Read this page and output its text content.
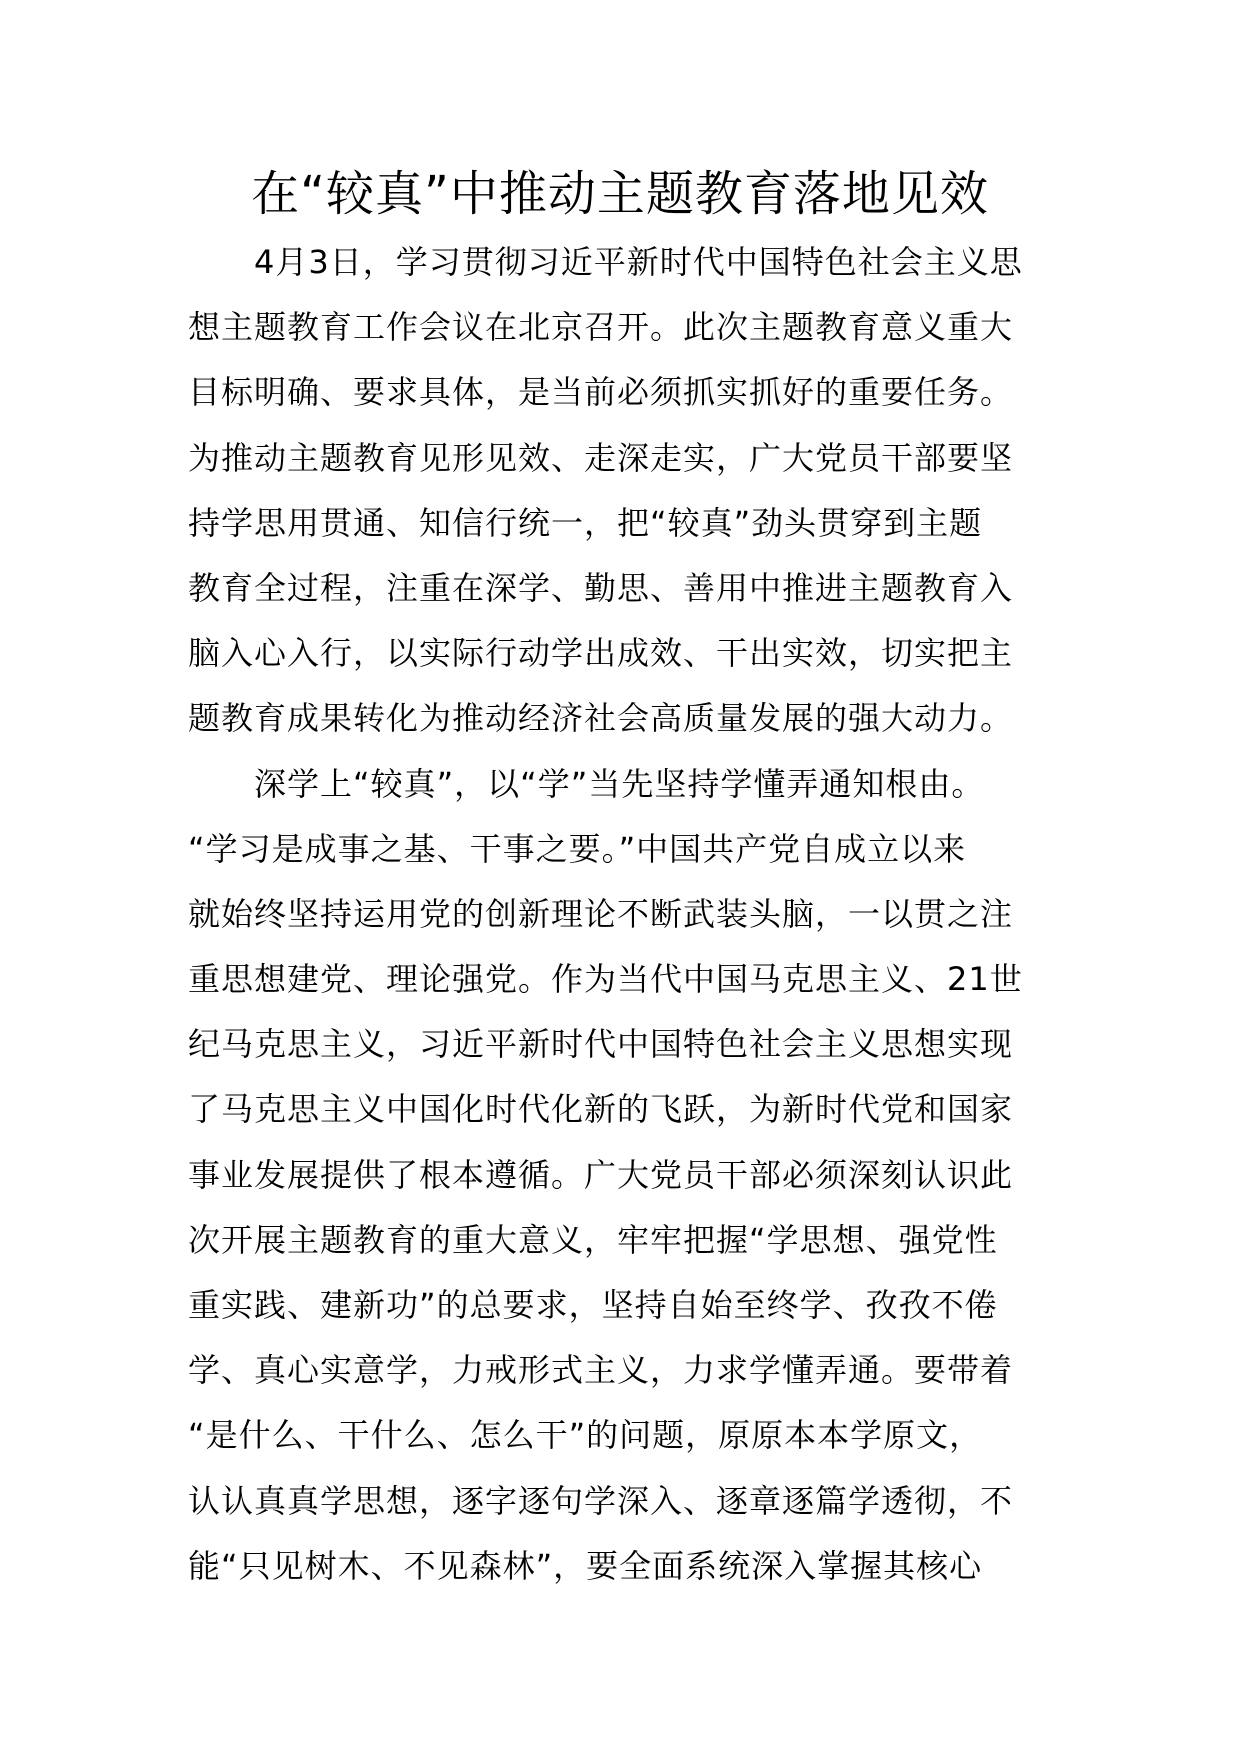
在“较真”中推动主题教育落地见效
4月3日，学习贯彻习近平新时代中国特色社会主义思
想主题教育工作会议在北京召开。此次主题教育意义重大
目标明确、要求具体，是当前必须抓实抓好的重要任务。
为推动主题教育见形见效、走深走实，广大党员干部要坚
持学思用贯通、知信行统一，把“较真”劲头贯穿到主题
教育全过程，注重在深学、勤思、善用中推进主题教育入
脑入心入行，以实际行动学出成效、干出实效，切实把主
题教育成果转化为推动经济社会高质量发展的强大动力。
深学上“较真”，以“学”当先坚持学懂弄通知根由。
“学习是成事之基、干事之要。”中国共产党自成立以来
就始终坚持运用党的创新理论不断武装头脑，一以贯之注
重思想建党、理论强党。作为当代中国马克思主义、21世
纪马克思主义，习近平新时代中国特色社会主义思想实现
了马克思主义中国化时代化新的飞跃，为新时代党和国家
事业发展提供了根本遵循。广大党员干部必须深刻认识此
次开展主题教育的重大意义，牢牢把握“学思想、强党性
重实践、建新功”的总要求，坚持自始至终学、孜孜不倦
学、真心实意学，力戒形式主义，力求学懂弄通。要带着
“是什么、干什么、怎么干”的问题，原原本本学原文，
认认真真学思想，逐字逐句学深入、逐章逐篇学透彻，不
能“只见树木、不见森林”，要全面系统深入掌握其核心
